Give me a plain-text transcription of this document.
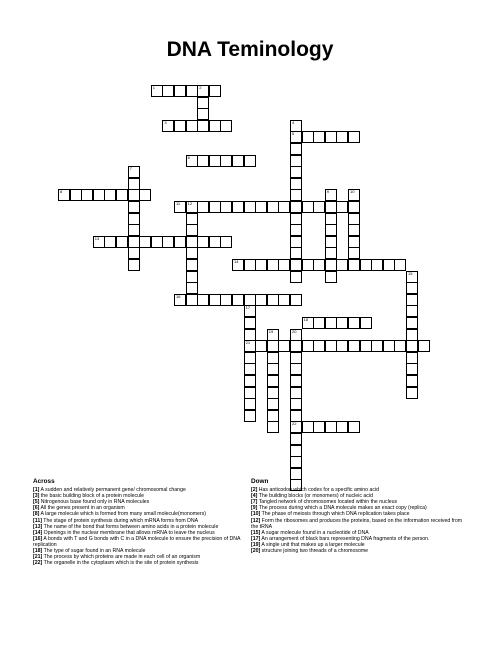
DNA Teminology
1	2
3
5
4
6
7
8
11 12
9	10
13
14
15
16
17
21
18
19	20
22
Across

[1] A sudden and relatively permanent gene/ chromosomal change

[3] the basic building block of a protein molecule

[5] Nitrogenous base found only in RNA molecules

[6] All the genes present in an organism

[8] A large molecule which is formed from many small molecule(monomers)

[11] The stage of protein synthesis during which mRNA forms from DNA

[13] The name of the bond that forms between amino acids in a protein molecule

[14] Openings in the nuclear membrane that allows mRNA to leave the nucleus

[16] A bonds with T and G bonds with C in a DNA molecule to ensure the precision of DNA replication

[18] The type of sugar found in an RNA molecule

[21] The process by which proteins are made in each cell of an organism

[22] The organelle in the cytoplasm which is the site of protein synthesis

Down

[2] Has anticodon which codes for a specific amino acid

[4] The building blocks (or monomers) of nucleic acid

[7] Tangled network of chromosomes located within the nucleus

[9] The process during which a DNA molecule makes an exact copy (replica)

[10] The phase of meiosis through which DNA replication takes place

[12] Form the ribosomes and produces the proteins, based on the information received from the tRNA

[15] A sugar molecule found in a nucleotide of DNA

[17] An arrangement of black bars representing DNA fragments of the person.

[19] A single unit that makes up a larger molecule

[20] structure joining two threads of a chromosome
